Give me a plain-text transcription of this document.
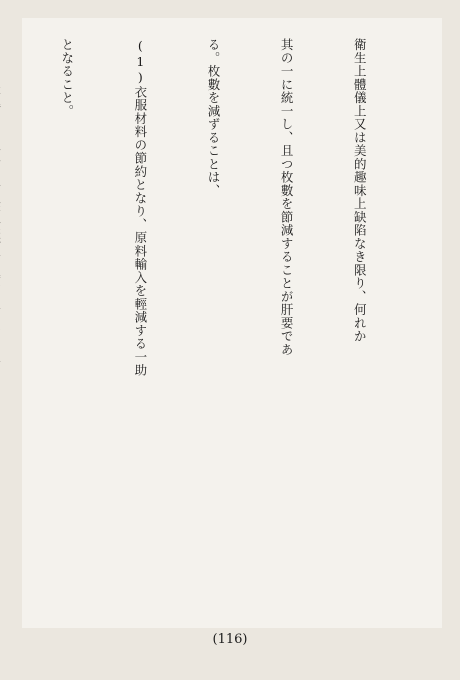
衛生上體儀上又は美的趣味上缺陷なき限り、何れか

其の一に統一し、且つ枚數を節減することが肝要であ

る。枚數を減ずることは、

(1)衣服材料の節約となり、原料輸入を輕減する一助

となること。

(116)
